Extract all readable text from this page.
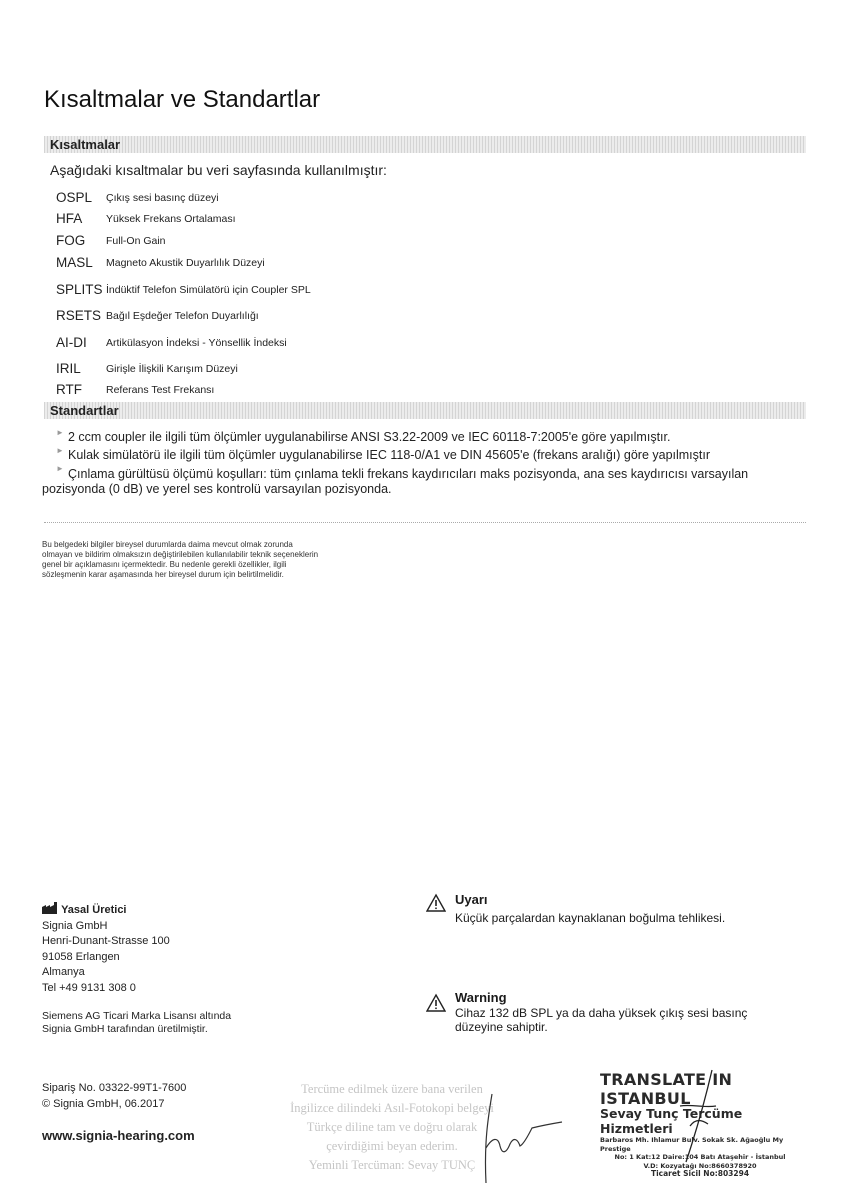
Kısaltmalar ve Standartlar
Kısaltmalar
Aşağıdaki kısaltmalar bu veri sayfasında kullanılmıştır:
OSPL	Çıkış sesi basınç düzeyi
HFA	Yüksek Frekans Ortalaması
FOG	Full-On Gain
MASL	Magneto Akustik Duyarlılık Düzeyi
SPLITS İndüktif Telefon Simülatörü için Coupler SPL
RSETS Bağıl Eşdeğer Telefon Duyarlılığı
AI-DI	Artikülasyon İndeksi - Yönsellik İndeksi
IRIL	Girişle İlişkili Karışım Düzeyi
RTF	Referans Test Frekansı
Standartlar
► 2 ccm coupler ile ilgili tüm ölçümler uygulanabilirse ANSI S3.22-2009 ve IEC 60118-7:2005'e göre yapılmıştır.
► Kulak simülatörü ile ilgili tüm ölçümler uygulanabilirse IEC 118-0/A1 ve DIN 45605'e (frekans aralığı) göre yapılmıştır
► Çınlama gürültüsü ölçümü koşulları: tüm çınlama tekli frekans kaydırıcıları maks pozisyonda, ana ses kaydırıcısı varsayılan
pozisyonda (0 dB) ve yerel ses kontrolü varsayılan pozisyonda.
Bu belgedeki bilgiler bireysel durumlarda daima mevcut olmak zorunda
olmayan ve bildirim olmaksızın değiştirilebilen kullanılabilir teknik seçeneklerin
genel bir açıklamasını içermektedir. Bu nedenle gerekli özellikler, ilgili
sözleşmenin karar aşamasında her bireysel durum için belirtilmelidir.
Yasal Üretici
Signia GmbH
Henri-Dunant-Strasse 100
91058 Erlangen
Almanya
Tel +49 9131 308 0
Siemens AG Ticari Marka Lisansı altında
Signia GmbH tarafından üretilmiştir.
Sipariş No. 03322-99T1-7600
© Signia GmbH, 06.2017
www.signia-hearing.com
Uyarı
Küçük parçalardan kaynaklanan boğulma tehlikesi.
Warning
Cihaz 132 dB SPL ya da daha yüksek çıkış sesi basınç
düzeyine sahiptir.
Tercüme edilmek üzere bana verilen
İngilizce dilindeki Asıl-Fotokopi belgeyi
Türkçe diline tam ve doğru olarak
çevirdiğimi beyan ederim.
Yeminli Tercüman: Sevay TUNÇ
TRANSLATE IN ISTANBUL
Sevay Tunç Tercüme Hizmetleri
Barbaros Mh. Ihlamur Bulv. Sokak Sk. Ağaoğlu My Prestige
No: 1 Kat:12 Daire:104 Batı Ataşehir - İstanbul
V.D: Kozyatağı No:8660378920
Ticaret Sicil No:803294
